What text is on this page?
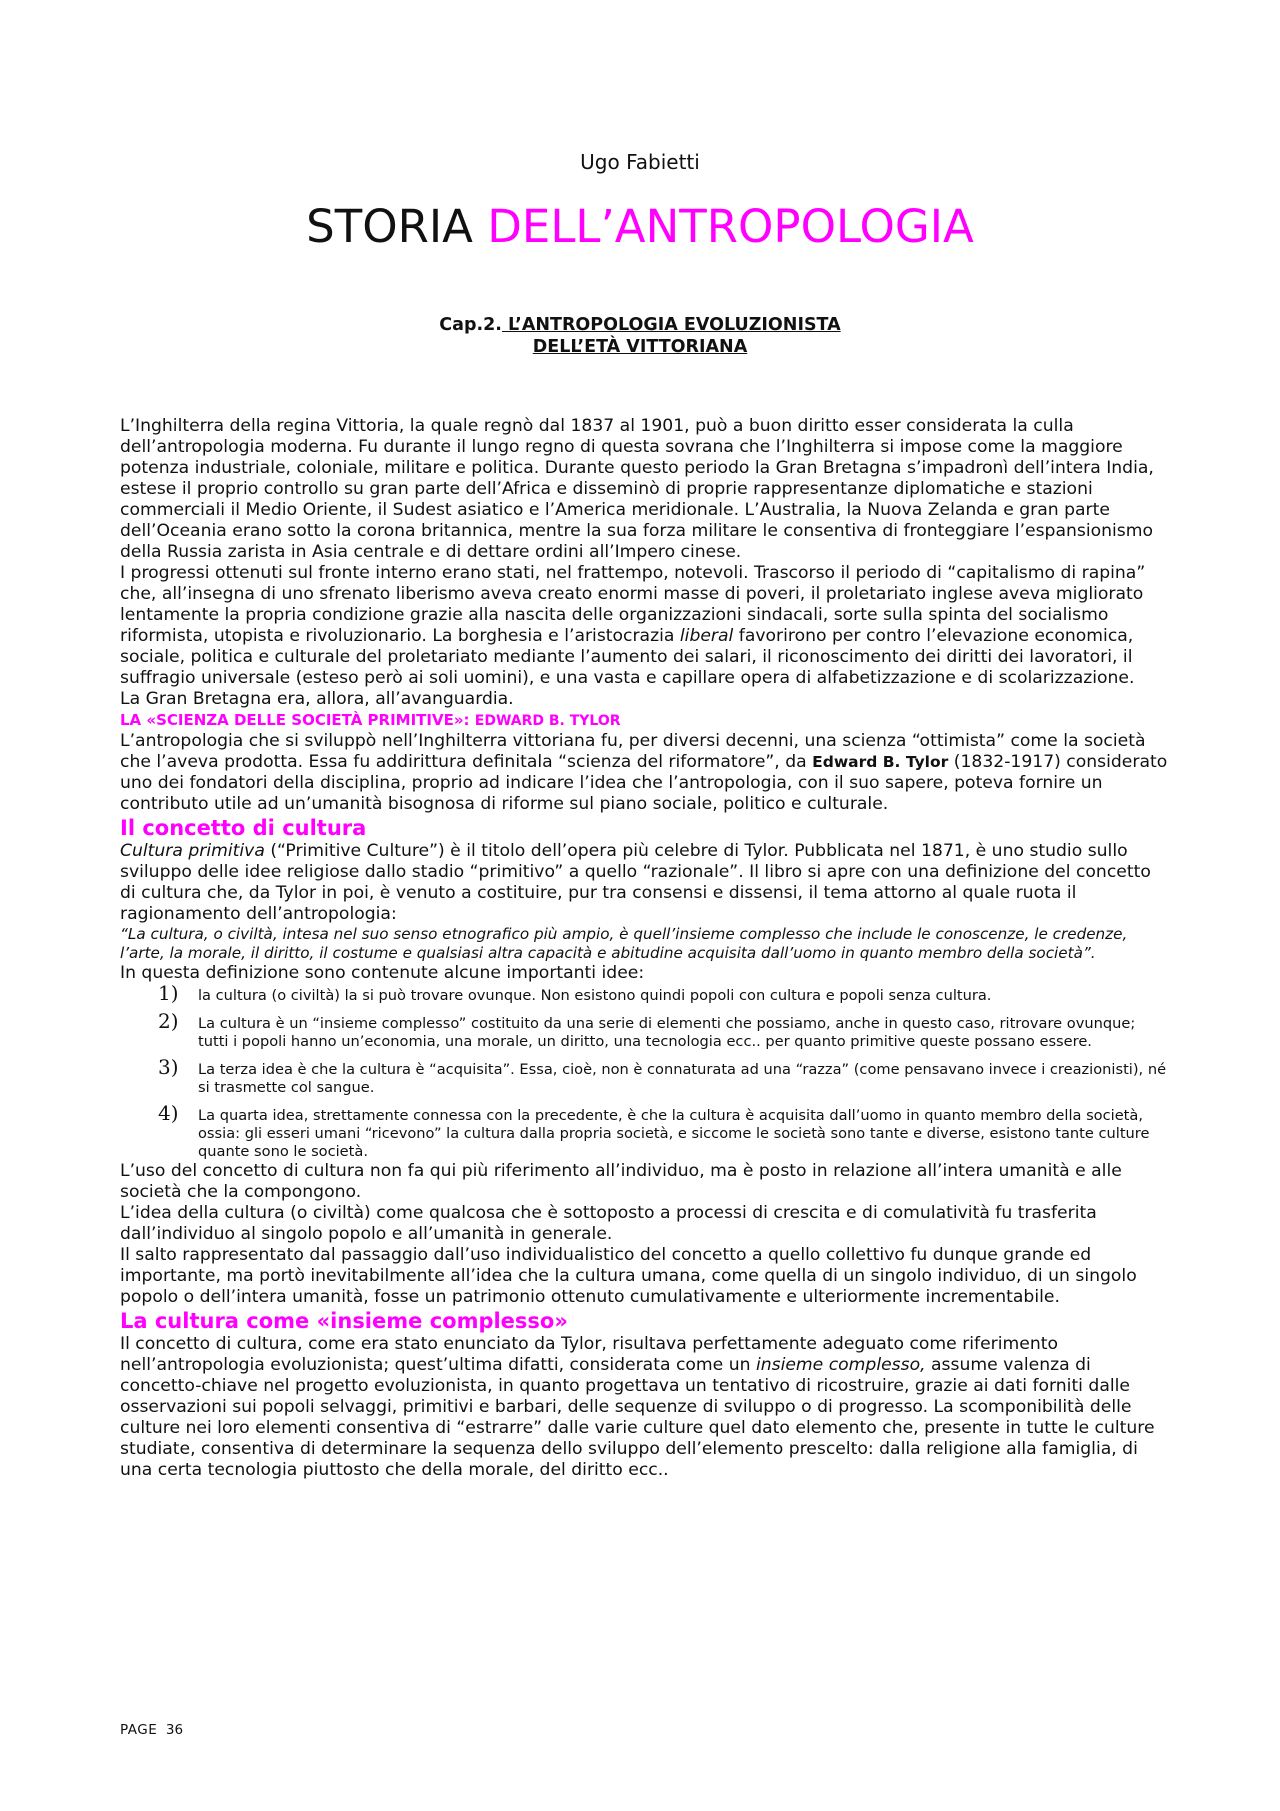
Ugo Fabietti
STORIA DELL’ANTROPOLOGIA
Cap.2. L’ANTROPOLOGIA EVOLUZIONISTA
DELL’ETÀ VITTORIANA

L’Inghilterra della regina Vittoria, la quale regnò dal 1837 al 1901, può a buon diritto esser considerata la culla dell’antropologia moderna. Fu durante il lungo regno di questa sovrana che l’Inghilterra si impose come la maggiore potenza industriale, coloniale, militare e politica. Durante questo periodo la Gran Bretagna s’impadronì dell’intera India, estese il proprio controllo su gran parte dell’Africa e disseminò di proprie rappresentanze diplomatiche e stazioni commerciali il Medio Oriente, il Sudest asiatico e l’America meridionale. L’Australia, la Nuova Zelanda e gran parte dell’Oceania erano sotto la corona britannica, mentre la sua forza militare le consentiva di fronteggiare l’espansionismo della Russia zarista in Asia centrale e di dettare ordini all’Impero cinese.

I progressi ottenuti sul fronte interno erano stati, nel frattempo, notevoli. Trascorso il periodo di “capitalismo di rapina” che, all’insegna di uno sfrenato liberismo aveva creato enormi masse di poveri, il proletariato inglese aveva migliorato lentamente la propria condizione grazie alla nascita delle organizzazioni sindacali, sorte sulla spinta del socialismo riformista, utopista e rivoluzionario. La borghesia e l’aristocrazia liberal favorirono per contro l’elevazione economica, sociale, politica e culturale del proletariato mediante l’aumento dei salari, il riconoscimento dei diritti dei lavoratori, il suffragio universale (esteso però ai soli uomini), e una vasta e capillare opera di alfabetizzazione e di scolarizzazione.

La Gran Bretagna era, allora, all’avanguardia.

LA «SCIENZA DELLE SOCIETÀ PRIMITIVE»: EDWARD B. TYLOR

L’antropologia che si sviluppò nell’Inghilterra vittoriana fu, per diversi decenni, una scienza “ottimista” come la società che l’aveva prodotta. Essa fu addirittura definitala “scienza del riformatore”, da Edward B. Tylor (1832-1917) considerato uno dei fondatori della disciplina, proprio ad indicare l’idea che l’antropologia, con il suo sapere, poteva fornire un contributo utile ad un’umanità bisognosa di riforme sul piano sociale, politico e culturale.

Il concetto di cultura

Cultura primitiva (“Primitive Culture”) è il titolo dell’opera più celebre di Tylor. Pubblicata nel 1871, è uno studio sullo sviluppo delle idee religiose dallo stadio “primitivo” a quello “razionale”. Il libro si apre con una definizione del concetto di cultura che, da Tylor in poi, è venuto a costituire, pur tra consensi e dissensi, il tema attorno al quale ruota il ragionamento dell’antropologia:

“La cultura, o civiltà, intesa nel suo senso etnografico più ampio, è quell’insieme complesso che include le conoscenze, le credenze, l’arte, la morale, il diritto, il costume e qualsiasi altra capacità e abitudine acquisita dall’uomo in quanto membro della società”.

In questa definizione sono contenute alcune importanti idee:

1) la cultura (o civiltà) la si può trovare ovunque. Non esistono quindi popoli con cultura e popoli senza cultura.
2) La cultura è un “insieme complesso” costituito da una serie di elementi che possiamo, anche in questo caso, ritrovare ovunque; tutti i popoli hanno un’economia, una morale, un diritto, una tecnologia ecc.. per quanto primitive queste possano essere.
3) La terza idea è che la cultura è “acquisita”. Essa, cioè, non è connaturata ad una “razza” (come pensavano invece i creazionisti), né si trasmette col sangue.
4) La quarta idea, strettamente connessa con la precedente, è che la cultura è acquisita dall’uomo in quanto membro della società, ossia: gli esseri umani “ricevono” la cultura dalla propria società, e siccome le società sono tante e diverse, esistono tante culture quante sono le società.

L’uso del concetto di cultura non fa qui più riferimento all’individuo, ma è posto in relazione all’intera umanità e alle società che la compongono.

L’idea della cultura (o civiltà) come qualcosa che è sottoposto a processi di crescita e di comulatività fu trasferita dall’individuo al singolo popolo e all’umanità in generale.

Il salto rappresentato dal passaggio dall’uso individualistico del concetto a quello collettivo fu dunque grande ed importante, ma portò inevitabilmente all’idea che la cultura umana, come quella di un singolo individuo, di un singolo popolo o dell’intera umanità, fosse un patrimonio ottenuto cumulativamente e ulteriormente incrementabile.

La cultura come «insieme complesso»

Il concetto di cultura, come era stato enunciato da Tylor, risultava perfettamente adeguato come riferimento nell’antropologia evoluzionista; quest’ultima difatti, considerata come un insieme complesso, assume valenza di concetto-chiave nel progetto evoluzionista, in quanto progettava un tentativo di ricostruire, grazie ai dati forniti dalle osservazioni sui popoli selvaggi, primitivi e barbari, delle sequenze di sviluppo o di progresso. La scomponibilità delle culture nei loro elementi consentiva di “estrarre” dalle varie culture quel dato elemento che, presente in tutte le culture studiate, consentiva di determinare la sequenza dello sviluppo dell’elemento prescelto: dalla religione alla famiglia, di una certa tecnologia piuttosto che della morale, del diritto ecc..

PAGE 36
